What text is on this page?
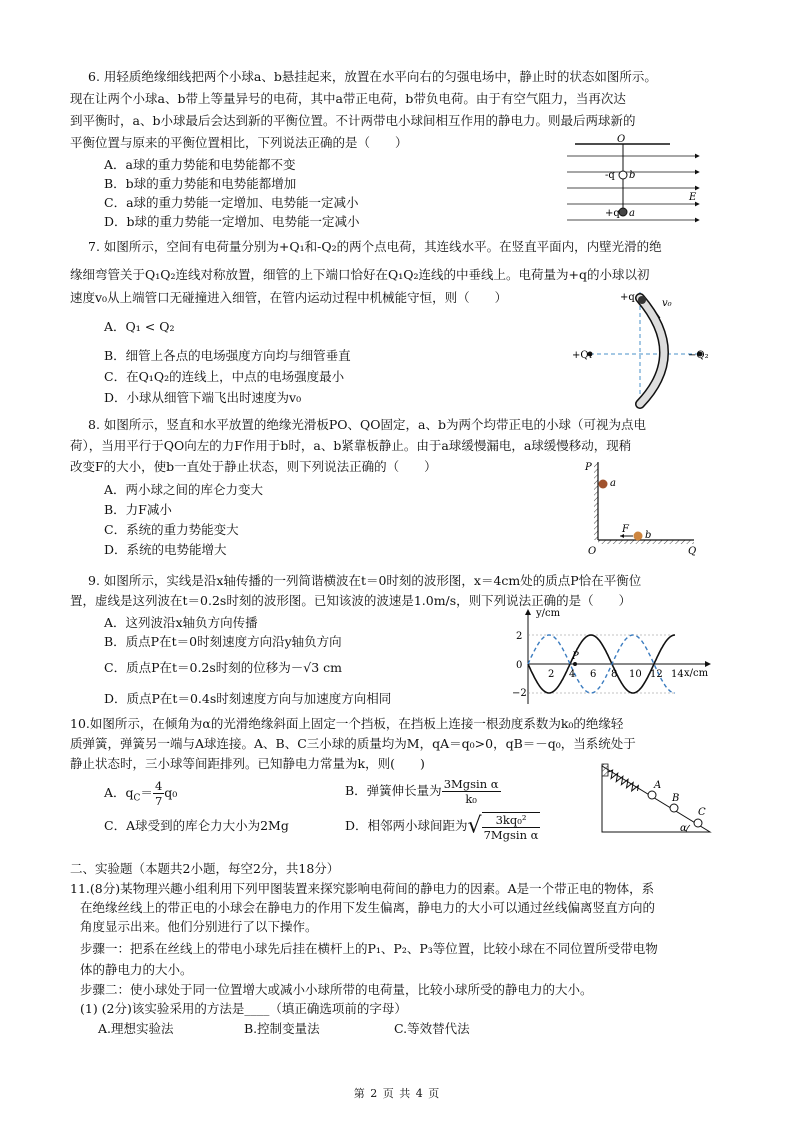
6. 用轻质绝缘细线把两个小球a、b悬挂起来，放置在水平向右的匀强电场中，静止时的状态如图所示。
现在让两个小球a、b带上等量异号的电荷，其中a带正电荷，b带负电荷。由于有空气阻力，当再次达
到平衡时，a、b小球最后会达到新的平衡位置。不计两带电小球间相互作用的静电力。则最后两球新的
平衡位置与原来的平衡位置相比，下列说法正确的是（　　）
A．a球的重力势能和电势能都不变
B．b球的重力势能和电势能都增加
C．a球的重力势能一定增加、电势能一定减小
D．b球的重力势能一定增加、电势能一定减小
O
-q b
+q a
E
7. 如图所示，空间有电荷量分别为+Q₁和-Q₂的两个点电荷，其连线水平。在竖直平面内，内壁光滑的绝
缘细弯管关于Q₁Q₂连线对称放置，细管的上下端口恰好在Q₁Q₂连线的中垂线上。电荷量为+q的小球以初
速度v₀从上端管口无碰撞进入细管，在管内运动过程中机械能守恒，则（　　）
A．Q₁ < Q₂
B．细管上各点的电场强度方向均与细管垂直
C．在Q₁Q₂的连线上，中点的电场强度最小
D．小球从细管下端飞出时速度为v₀
+q
v₀
+Q₁	−Q₂
8. 如图所示，竖直和水平放置的绝缘光滑板PO、QO固定，a、b为两个均带正电的小球（可视为点电
荷），当用平行于QO向左的力F作用于b时，a、b紧靠板静止。由于a球缓慢漏电，a球缓慢移动，现稍
改变F的大小，使b一直处于静止状态，则下列说法正确的（　　）
A．两小球之间的库仑力变大
B．力F减小
C．系统的重力势能变大
D．系统的电势能增大
P
a
F
b
O	Q
9. 如图所示，实线是沿x轴传播的一列简谐横波在t＝0时刻的波形图，x＝4cm处的质点P恰在平衡位
置，虚线是这列波在t＝0.2s时刻的波形图。已知该波的波速是1.0m/s，则下列说法正确的是（　　）
A．这列波沿x轴负方向传播
B．质点P在t＝0时刻速度方向沿y轴负方向
C．质点P在t＝0.2s时刻的位移为－√3 cm
D．质点P在t＝0.4s时刻速度方向与加速度方向相同
y/cm
x/cm
P
0
2
−2
2 4 6 8 10 12 14
10.如图所示，在倾角为α的光滑绝缘斜面上固定一个挡板，在挡板上连接一根劲度系数为k₀的绝缘轻
质弹簧，弹簧另一端与A球连接。A、B、C三小球的质量均为M，qA＝q₀>0，qB＝－q₀，当系统处于
静止状态时，三小球等间距排列。已知静电力常量为k，则(　　)
A．$q_C= \frac{4}{7} q_0$	B．弹簧伸长量为 $\frac{\text{3Mgsin α}}{\text{k₀}}$
C．A球受到的库仑力大小为2Mg	D．相邻两小球间距为√ $\frac{\text{3kq₀²}}{\text{7Mgsin α}}$
A
B
C
α
二、实验题（本题共2小题，每空2分，共18分）
11.(8分)某物理兴趣小组利用下列甲图装置来探究影响电荷间的静电力的因素。A是一个带正电的物体，系
在绝缘丝线上的带正电的小球会在静电力的作用下发生偏离，静电力的大小可以通过丝线偏离竖直方向的
角度显示出来。他们分别进行了以下操作。
步骤一：把系在丝线上的带电小球先后挂在横杆上的P₁、P₂、P₃等位置，比较小球在不同位置所受带电物
体的静电力的大小。
步骤二：使小球处于同一位置增大或减小小球所带的电荷量，比较小球所受的静电力的大小。
(1) (2分)该实验采用的方法是____（填正确选项前的字母）
A.理想实验法	B.控制变量法	C.等效替代法
第 2 页 共 4 页
